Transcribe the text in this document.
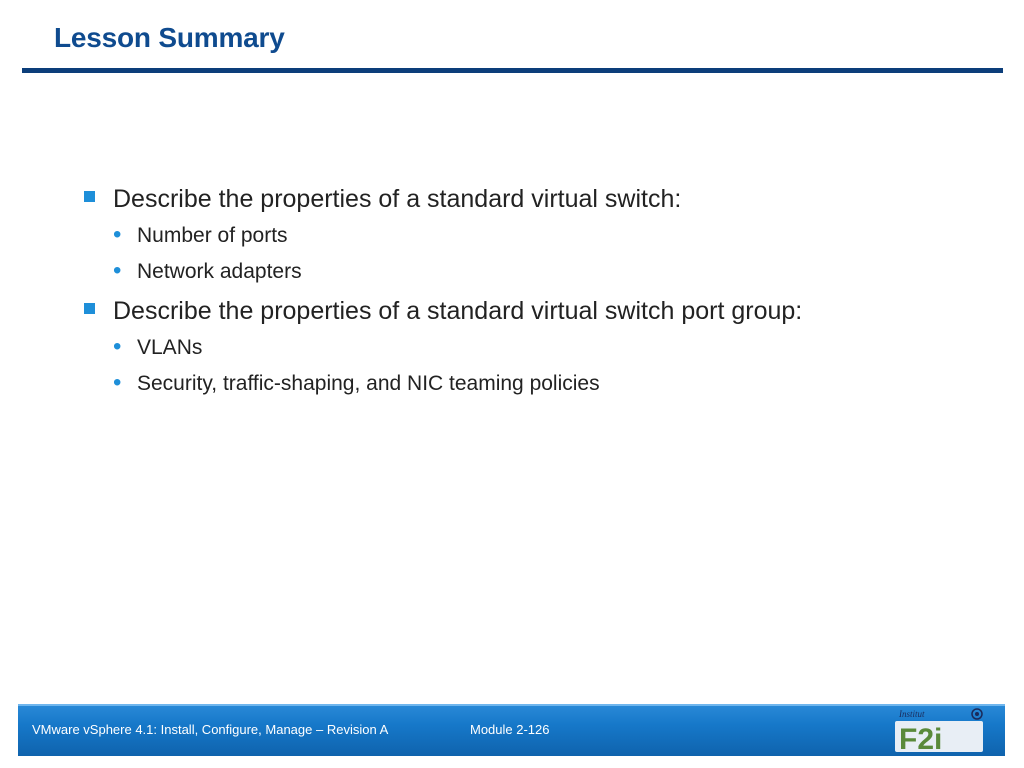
Lesson Summary
Describe the properties of a standard virtual switch:
• Number of ports
• Network adapters
Describe the properties of a standard virtual switch port group:
• VLANs
• Security, traffic-shaping, and NIC teaming policies
VMware vSphere 4.1: Install, Configure, Manage – Revision A	Module 2-126
Institut
F2i
